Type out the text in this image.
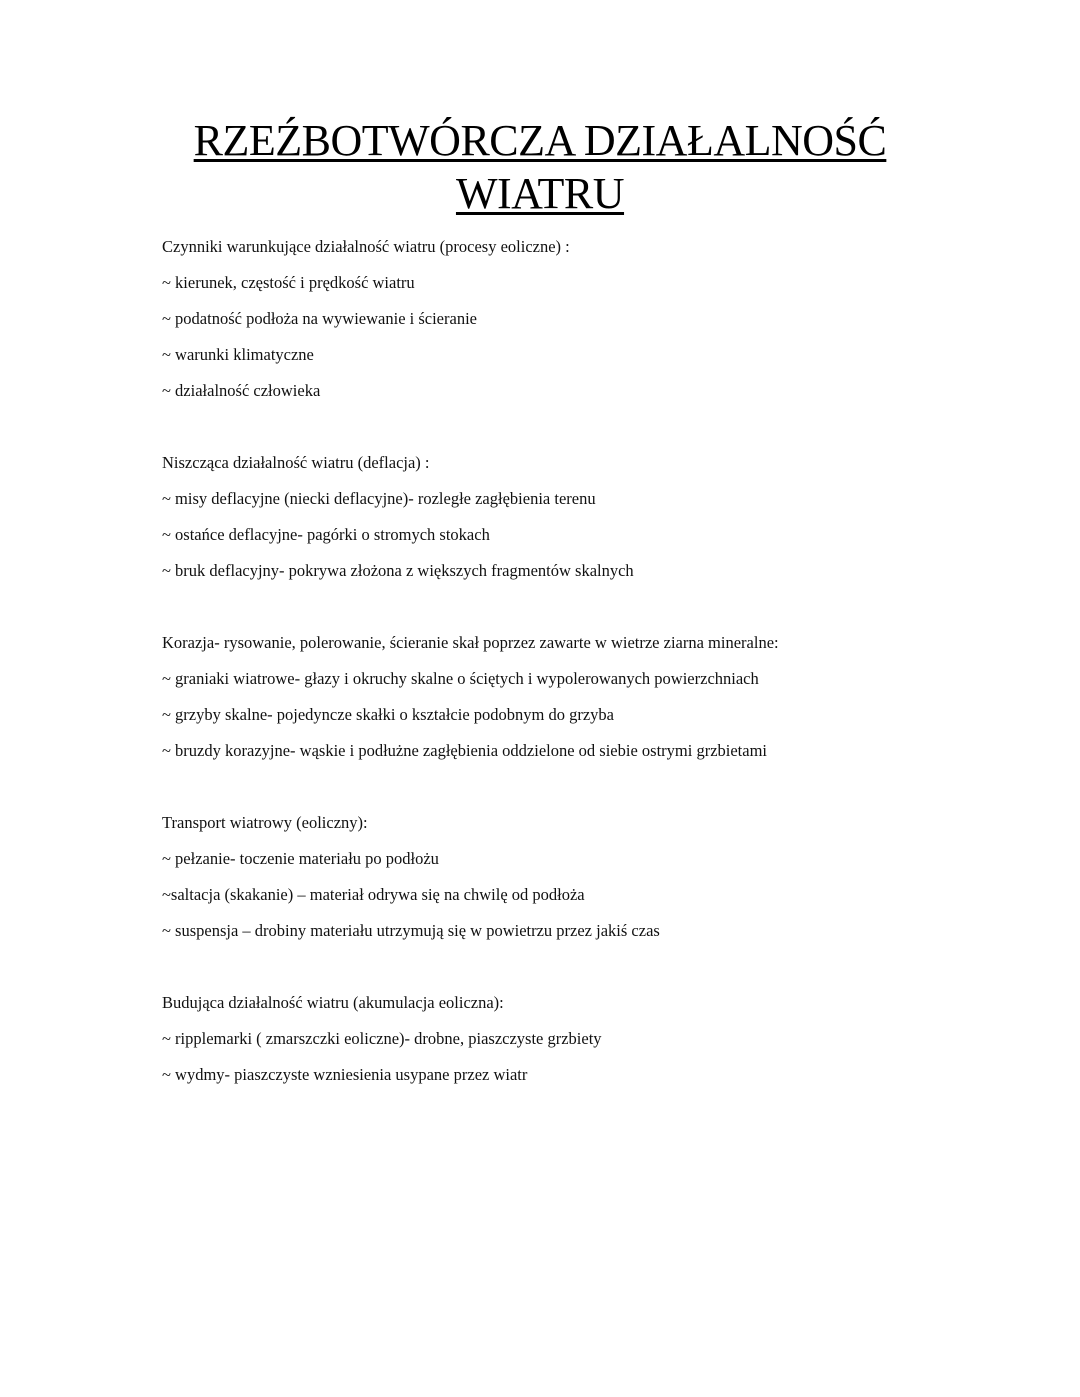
RZEŹBOTWÓRCZA DZIAŁALNOŚĆ
WIATRU
Czynniki warunkujące działalność wiatru (procesy eoliczne) :
~ kierunek, częstość i prędkość wiatru
~ podatność podłoża na wywiewanie i ścieranie
~ warunki klimatyczne
~ działalność człowieka
Niszcząca działalność wiatru (deflacja) :
~ misy deflacyjne (niecki deflacyjne)- rozległe zagłębienia terenu
~ ostańce deflacyjne- pagórki o stromych stokach
~ bruk deflacyjny- pokrywa złożona z większych fragmentów skalnych
Korazja- rysowanie, polerowanie, ścieranie skał poprzez zawarte w wietrze ziarna mineralne:
~ graniaki wiatrowe- głazy i okruchy skalne o ściętych i wypolerowanych powierzchniach
~ grzyby skalne- pojedyncze skałki o kształcie podobnym do grzyba
~ bruzdy korazyjne- wąskie i podłużne zagłębienia oddzielone od siebie ostrymi grzbietami
Transport wiatrowy (eoliczny):
~ pełzanie- toczenie materiału po podłożu
~saltacja (skakanie) – materiał odrywa się na chwilę od podłoża
~ suspensja – drobiny materiału utrzymują się w powietrzu przez jakiś czas
Budująca działalność wiatru (akumulacja eoliczna):
~ ripplemarki ( zmarszczki eoliczne)- drobne, piaszczyste grzbiety
~ wydmy- piaszczyste wzniesienia usypane przez wiatr
